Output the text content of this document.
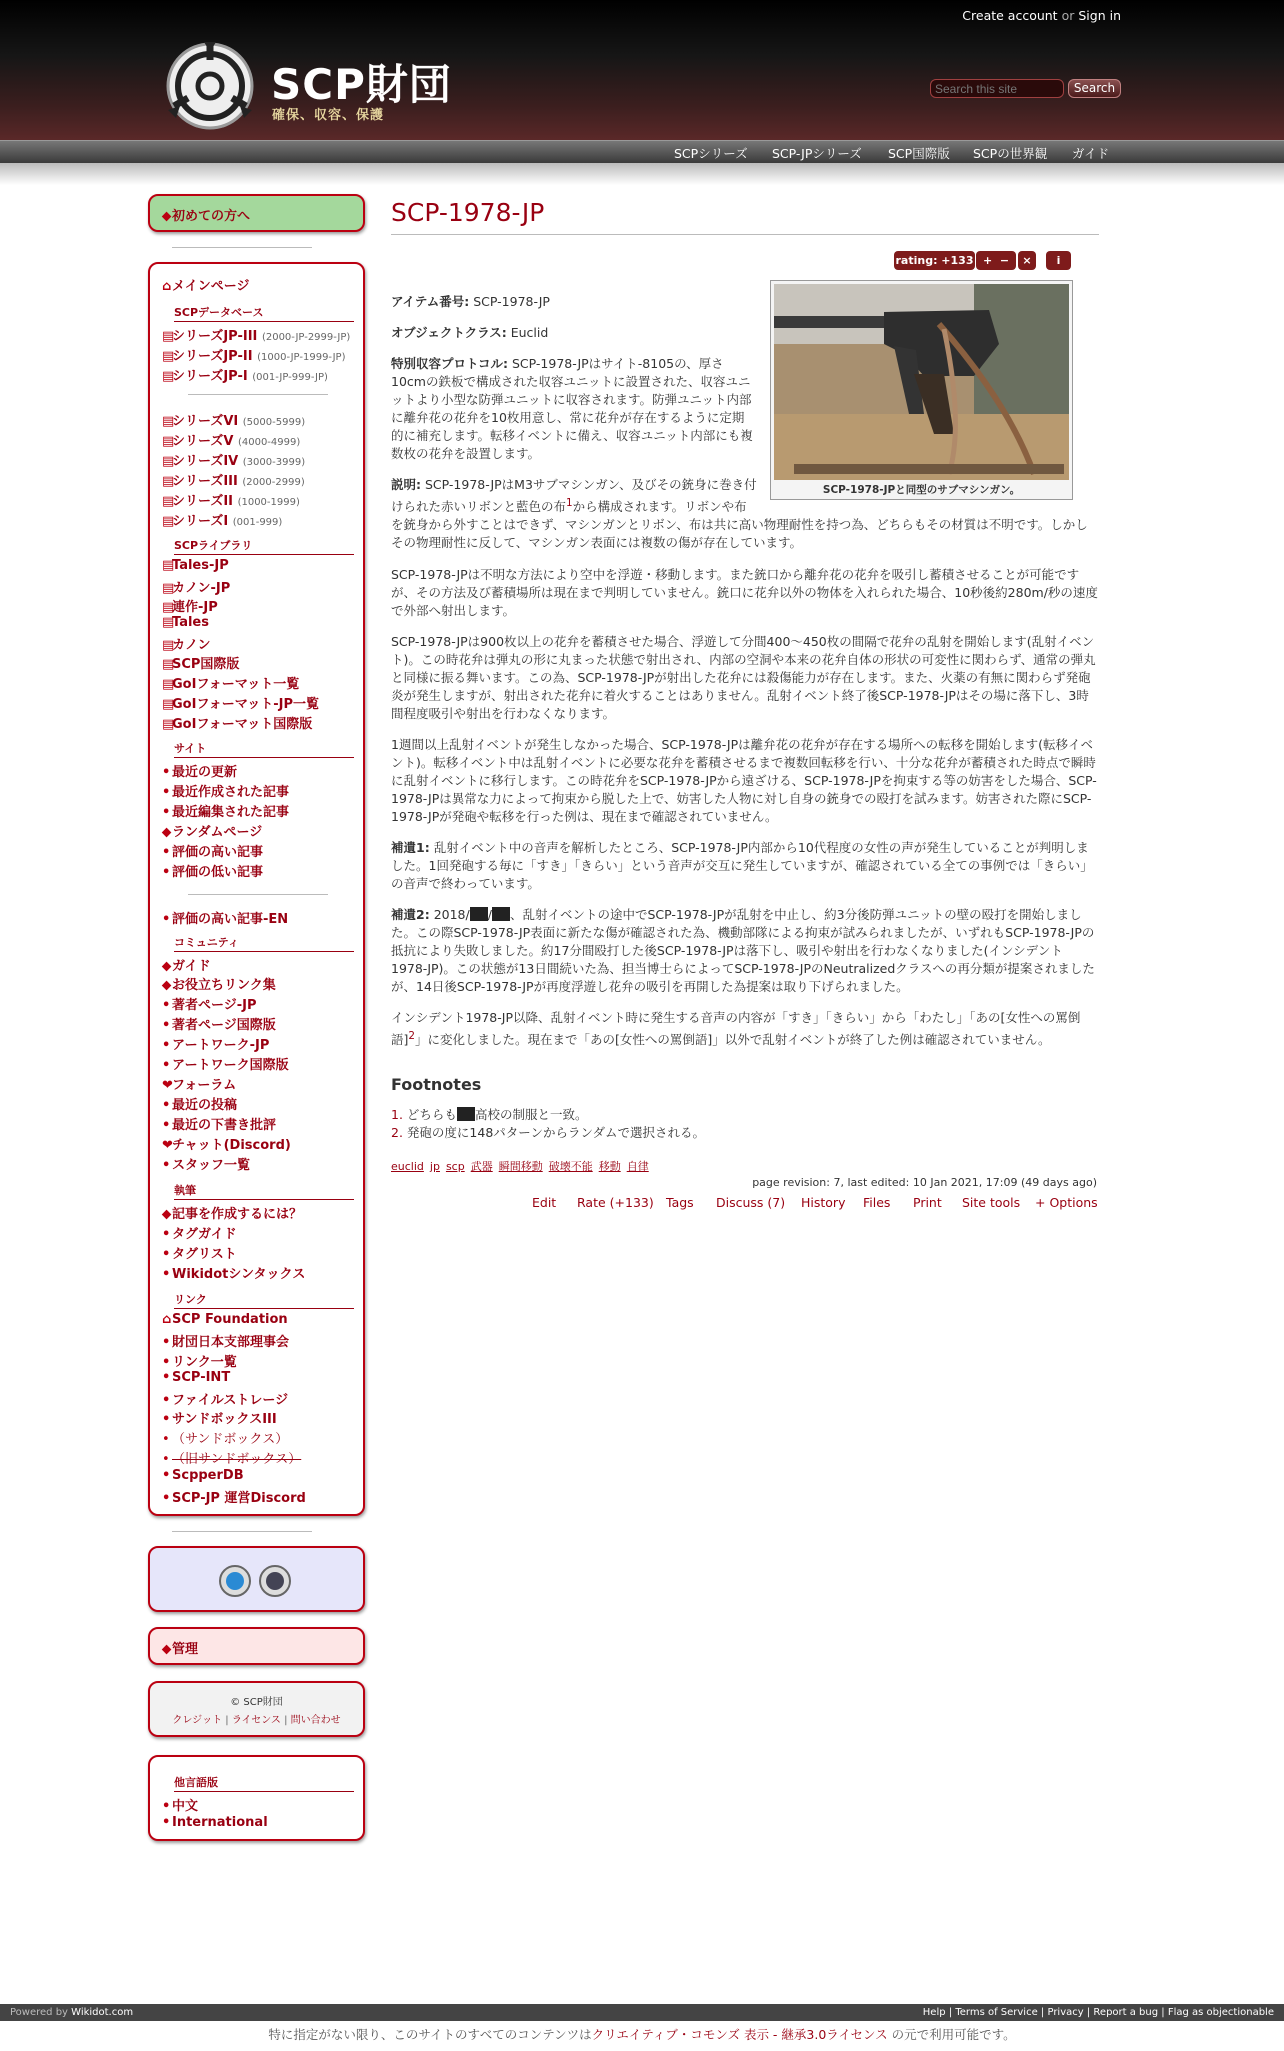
Create account or Sign in
SCP財団
確保、収容、保護
Search this site
Search
SCPシリーズ SCP-JPシリーズ SCP国際版 SCPの世界観 ガイド
⬥初めての方へ
⌂メインページ
SCPデータベース
▤シリーズJP-III (2000-JP-2999-JP)
▤シリーズJP-II (1000-JP-1999-JP)
▤シリーズJP-I (001-JP-999-JP)
▤シリーズVI (5000-5999)
▤シリーズV (4000-4999)
▤シリーズIV (3000-3999)
▤シリーズIII (2000-2999)
▤シリーズII (1000-1999)
▤シリーズI (001-999)
SCPライブラリ
▤Tales-JP
▤カノン-JP
▤連作-JP
▤Tales
▤カノン
▤SCP国際版
▤GoIフォーマット一覧
▤GoIフォーマット-JP一覧
▤GoIフォーマット国際版
サイト
• 最近の更新
• 最近作成された記事
• 最近編集された記事
⬥ランダムページ
• 評価の高い記事
• 評価の低い記事
• 評価の高い記事-EN
コミュニティ
⬥ガイド
⬥お役立ちリンク集
• 著者ページ-JP
• 著者ページ国際版
• アートワーク-JP
• アートワーク国際版
❤フォーラム
• 最近の投稿
• 最近の下書き批評
❤チャット(Discord)
• スタッフ一覧
執筆
⬥記事を作成するには？
• タグガイド
• タグリスト
• Wikidotシンタックス
リンク
⌂SCP Foundation
• 財団日本支部理事会
• リンク一覧
• SCP-INT
• ファイルストレージ
• サンドボックスIII
• （サンドボックス）
• （旧サンドボックス）
• ScpperDB
• SCP-JP 運営Discord
⬥管理
© SCP財団
クレジット | ライセンス | 問い合わせ
他言語版
• 中文
• International
SCP-1978-JP
rating: +133 + −	×	i
SCP-1978-JPと同型のサブマシンガン。
アイテム番号: SCP-1978-JP
オブジェクトクラス: Euclid
特別収容プロトコル: SCP-1978-JPはサイト-8105の、厚さ10cmの鉄板で構成された収容ユニットに設置された、収容ユニットより小型な防弾ユニットに収容されます。防弾ユニット内部に離弁花の花弁を10枚用意し、常に花弁が存在するように定期的に補充します。転移イベントに備え、収容ユニット内部にも複数枚の花弁を設置します。
説明: SCP-1978-JPはM3サブマシンガン、及びその銃身に巻き付けられた赤いリボンと藍色の布$^1$から構成されます。リボンや布を銃身から外すことはできず、マシンガンとリボン、布は共に高い物理耐性を持つ為、どちらもその材質は不明です。しかしその物理耐性に反して、マシンガン表面には複数の傷が存在しています。
SCP-1978-JPは不明な方法により空中を浮遊・移動します。また銃口から離弁花の花弁を吸引し蓄積させることが可能ですが、その方法及び蓄積場所は現在まで判明していません。銃口に花弁以外の物体を入れられた場合、10秒後約280m/秒の速度で外部へ射出します。
SCP-1978-JPは900枚以上の花弁を蓄積させた場合、浮遊して分間400～450枚の間隔で花弁の乱射を開始します(乱射イベント)。この時花弁は弾丸の形に丸まった状態で射出され、内部の空洞や本来の花弁自体の形状の可変性に関わらず、通常の弾丸と同様に振る舞います。この為、SCP-1978-JPが射出した花弁には殺傷能力が存在します。また、火薬の有無に関わらず発砲炎が発生しますが、射出された花弁に着火することはありません。乱射イベント終了後SCP-1978-JPはその場に落下し、3時間程度吸引や射出を行わなくなります。
1週間以上乱射イベントが発生しなかった場合、SCP-1978-JPは離弁花の花弁が存在する場所への転移を開始します(転移イベント)。転移イベント中は乱射イベントに必要な花弁を蓄積させるまで複数回転移を行い、十分な花弁が蓄積された時点で瞬時に乱射イベントに移行します。この時花弁をSCP-1978-JPから遠ざける、SCP-1978-JPを拘束する等の妨害をした場合、SCP-1978-JPは異常な力によって拘束から脱した上で、妨害した人物に対し自身の銃身での殴打を試みます。妨害された際にSCP-1978-JPが発砲や転移を行った例は、現在まで確認されていません。
補遺1: 乱射イベント中の音声を解析したところ、SCP-1978-JP内部から10代程度の女性の声が発生していることが判明しました。1回発砲する毎に「すき」「きらい」という音声が交互に発生していますが、確認されている全ての事例では「きらい」の音声で終わっています。
補遺2: 2018/ / 、乱射イベントの途中でSCP-1978-JPが乱射を中止し、約3分後防弾ユニットの壁の殴打を開始しました。この際SCP-1978-JP表面に新たな傷が確認された為、機動部隊による拘束が試みられましたが、いずれもSCP-1978-JPの抵抗により失敗しました。約17分間殴打した後SCP-1978-JPは落下し、吸引や射出を行わなくなりました(インシデント1978-JP)。この状態が13日間続いた為、担当博士らによってSCP-1978-JPのNeutralizedクラスへの再分類が提案されましたが、14日後SCP-1978-JPが再度浮遊し花弁の吸引を再開した為提案は取り下げられました。
インシデント1978-JP以降、乱射イベント時に発生する音声の内容が「すき」「きらい」から「わたし」「あの[女性への罵倒語]$^2$」に変化しました。現在まで「あの[女性への罵倒語]」以外で乱射イベントが終了した例は確認されていません。
Footnotes
1. どちらも 高校の制服と一致。
2. 発砲の度に148パターンからランダムで選択される。
euclid jp scp 武器 瞬間移動 破壊不能 移動 自律
page revision: 7, last edited: 10 Jan 2021, 17:09 (49 days ago)
Edit Rate (+133) Tags Discuss (7) History Files Print Site tools + Options
Powered by Wikidot.com	Help | Terms of Service | Privacy | Report a bug | Flag as objectionable
特に指定がない限り、このサイトのすべてのコンテンツはクリエイティブ・コモンズ 表示 - 継承3.0ライセンス の元で利用可能です。
